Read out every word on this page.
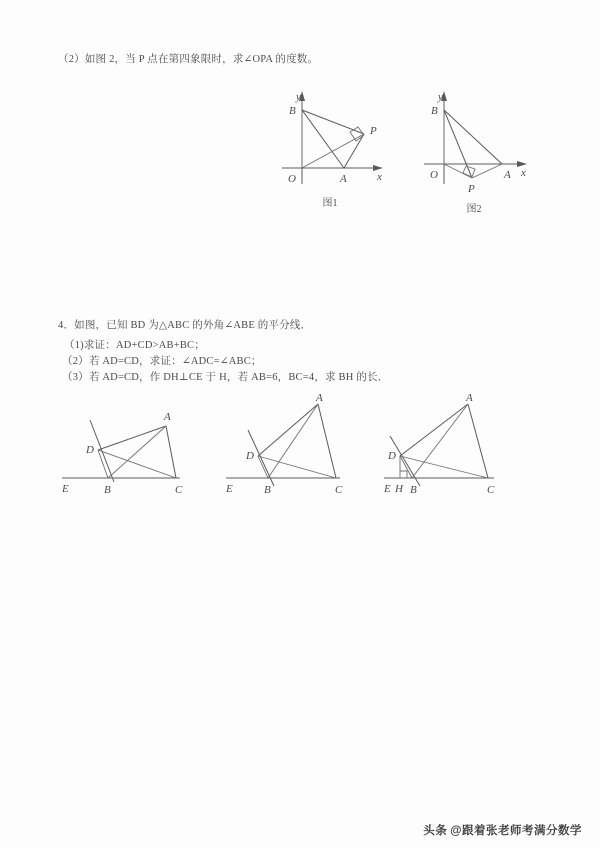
（2）如图 2，当 P 点在第四象限时，求∠OPA 的度数。
B
A
P
O
y
x
图1
B
A
P
O
y
x
图2
4．如图，已知 BD 为△ABC 的外角∠ABE 的平分线．
（1)求证：AD+CD>AB+BC；
（2）若 AD=CD，求证：∠ADC=∠ABC；
（3）若 AD=CD，作 DH⊥CE 于 H，若 AB=6，BC=4，求 BH 的长．
E	B	C
D
A
E	B	C
D
A
E H B	C
D
A
头条 @跟着张老师考满分数学
